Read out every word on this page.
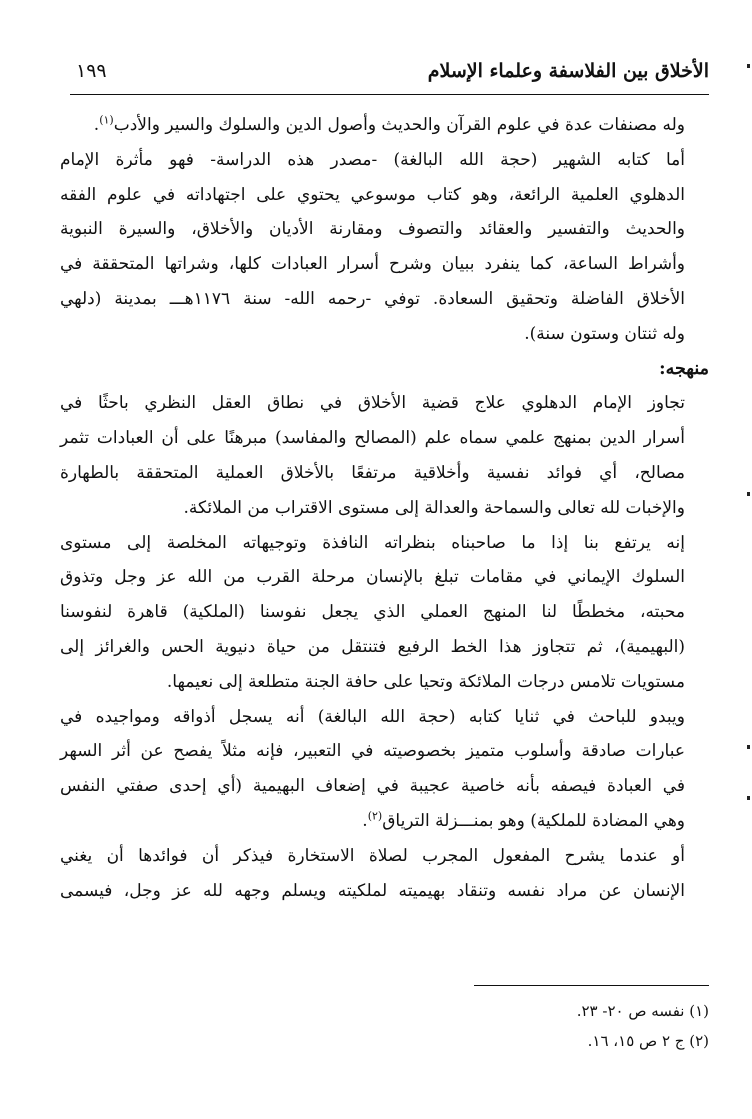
الأخلاق بين الفلاسفة وعلماء الإسلام
١٩٩

وله مصنفات عدة في علوم القرآن والحديث وأصول الدين والسلوك والسير والأدب$^{(١)}$.

أما كتابه الشهير (حجة الله البالغة) -مصدر هذه الدراسة- فهو مأثرة الإمام
الدهلوي العلمية الرائعة، وهو كتاب موسوعي يحتوي على اجتهاداته في علوم الفقه
والحديث والتفسير والعقائد والتصوف ومقارنة الأديان والأخلاق، والسيرة النبوية
وأشراط الساعة، كما ينفرد ببيان وشرح أسرار العبادات كلها، وشراتها المتحققة في
الأخلاق الفاضلة وتحقيق السعادة. توفي -رحمه الله- سنة ١١٧٦هـــ بمدينة (دلهي
وله ثنتان وستون سنة).

منهجه:

تجاوز الإمام الدهلوي علاج قضية الأخلاق في نطاق العقل النظري باحثًا في
أسرار الدين بمنهج علمي سماه علم (المصالح والمفاسد) مبرهنًا على أن العبادات تثمر
مصالح، أي فوائد نفسية وأخلاقية مرتفعًا بالأخلاق العملية المتحققة بالطهارة
والإخبات لله تعالى والسماحة والعدالة إلى مستوى الاقتراب من الملائكة.

إنه يرتفع بنا إذا ما صاحبناه بنظراته النافذة وتوجيهاته المخلصة إلى مستوى
السلوك الإيماني في مقامات تبلغ بالإنسان مرحلة القرب من الله عز وجل وتذوق
محبته، مخططًا لنا المنهج العملي الذي يجعل نفوسنا (الملكية) قاهرة لنفوسنا
(البهيمية)، ثم تتجاوز هذا الخط الرفيع فتنتقل من حياة دنيوية الحس والغرائز إلى
مستويات تلامس درجات الملائكة وتحيا على حافة الجنة متطلعة إلى نعيمها.

ويبدو للباحث في ثنايا كتابه (حجة الله البالغة) أنه يسجل أذواقه ومواجيده في
عبارات صادقة وأسلوب متميز بخصوصيته في التعبير، فإنه مثلاً يفصح عن أثر السهر
في العبادة فيصفه بأنه خاصية عجيبة في إضعاف البهيمية (أي إحدى صفتي النفس
وهي المضادة للملكية) وهو بمنـــزلة الترياق$^{(٢)}$.

أو عندما يشرح المفعول المجرب لصلاة الاستخارة فيذكر أن فوائدها أن يغني
الإنسان عن مراد نفسه وتنقاد بهيميته لملكيته ويسلم وجهه لله عز وجل، فيسمى

(١) نفسه ص ٢٠- ٢٣.
(٢) ج ٢ ص ١٥، ١٦.
